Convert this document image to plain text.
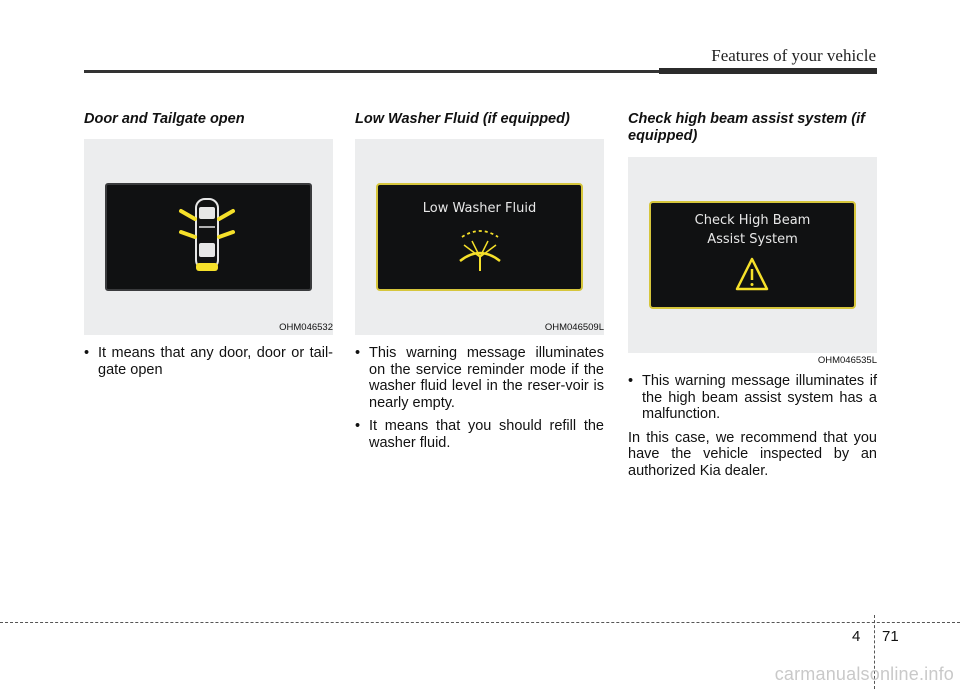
Features of your vehicle
Door and Tailgate open
OHM046532
• It means that any door, door or tail-gate open
Low Washer Fluid (if equipped)
Low Washer Fluid
OHM046509L
• This warning message illuminates on the service reminder mode if the washer fluid level in the reser-voir is nearly empty.
• It means that you should refill the washer fluid.
Check high beam assist system (if equipped)
Check High Beam
Assist System
OHM046535L
• This warning message illuminates if the high beam assist system has a malfunction.

In this case, we recommend that you have the vehicle inspected by an authorized Kia dealer.

4 71
carmanualsonline.info
